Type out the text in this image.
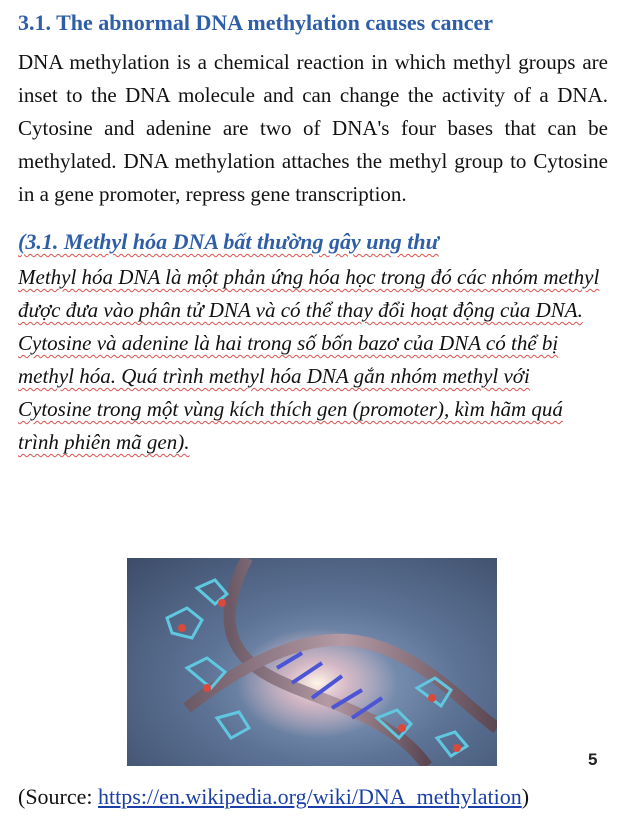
3.1. The abnormal DNA methylation causes cancer

DNA methylation is a chemical reaction in which methyl groups are inset to the DNA molecule and can change the activity of a DNA. Cytosine and adenine are two of DNA's four bases that can be methylated. DNA methylation attaches the methyl group to Cytosine in a gene promoter, repress gene transcription.

(3.1. Methyl hóa DNA bất thường gây ung thư

Methyl hóa DNA là một phản ứng hóa học trong đó các nhóm methyl được đưa vào phân tử DNA và có thể thay đổi hoạt động của DNA. Cytosine và adenine là hai trong số bốn bazơ của DNA có thể bị methyl hóa. Quá trình methyl hóa DNA gắn nhóm methyl với Cytosine trong một vùng kích thích gen (promoter), kìm hãm quá trình phiên mã gen).

5
(Source: https://en.wikipedia.org/wiki/DNA_methylation)
